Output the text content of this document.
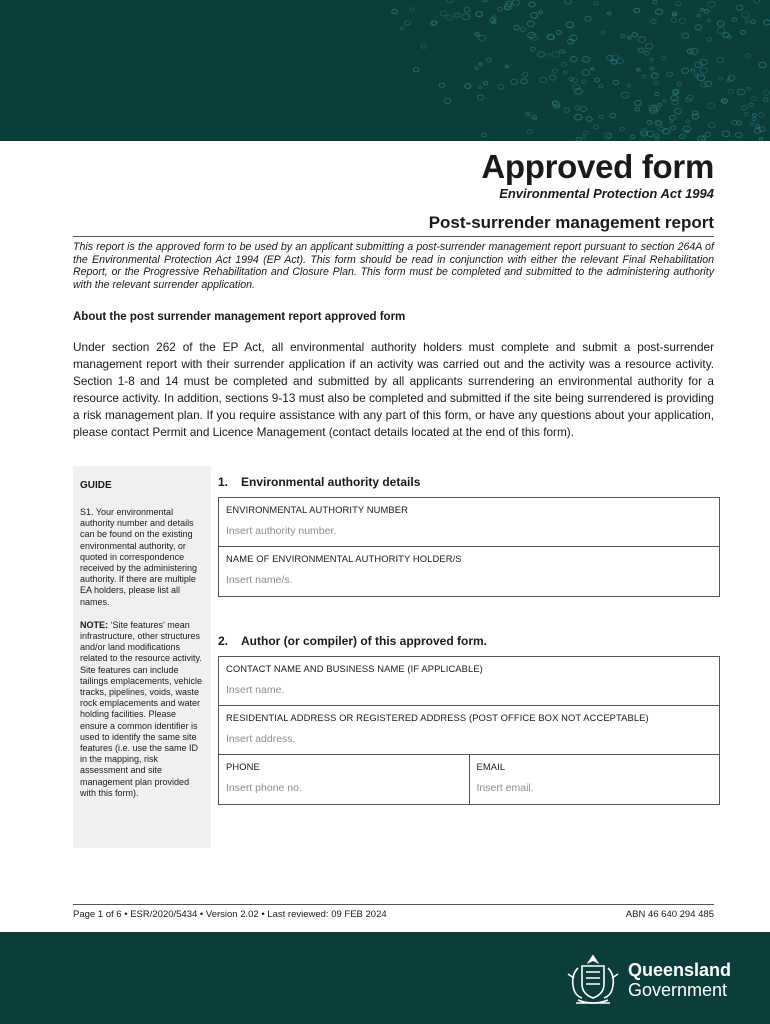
Approved form
Environmental Protection Act 1994
Post-surrender management report

This report is the approved form to be used by an applicant submitting a post-surrender management report pursuant to section 264A of the Environmental Protection Act 1994 (EP Act). This form should be read in conjunction with either the relevant Final Rehabilitation Report, or the Progressive Rehabilitation and Closure Plan. This form must be completed and submitted to the administering authority with the relevant surrender application.

About the post surrender management report approved form

Under section 262 of the EP Act, all environmental authority holders must complete and submit a post-surrender management report with their surrender application if an activity was carried out and the activity was a resource activity. Section 1-8 and 14 must be completed and submitted by all applicants surrendering an environmental authority for a resource activity. In addition, sections 9-13 must also be completed and submitted if the site being surrendered is providing a risk management plan. If you require assistance with any part of this form, or have any questions about your application, please contact Permit and Licence Management (contact details located at the end of this form).

GUIDE

S1. Your environmental authority number and details can be found on the existing environmental authority, or quoted in correspondence received by the administering authority. If there are multiple EA holders, please list all names.

NOTE: ‘Site features’ mean infrastructure, other structures and/or land modifications related to the resource activity. Site features can include tailings emplacements, vehicle tracks, pipelines, voids, waste rock emplacements and water holding facilities. Please ensure a common identifier is used to identify the same site features (i.e. use the same ID in the mapping, risk assessment and site management plan provided with this form).

1. Environmental authority details
ENVIRONMENTAL AUTHORITY NUMBER
Insert authority number.
NAME OF ENVIRONMENTAL AUTHORITY HOLDER/S
Insert name/s.
2. Author (or compiler) of this approved form.
CONTACT NAME AND BUSINESS NAME (IF APPLICABLE)
Insert name.
RESIDENTIAL ADDRESS OR REGISTERED ADDRESS (POST OFFICE BOX NOT ACCEPTABLE)
Insert address.
PHONE
Insert phone no.	EMAIL
Insert email.
Page 1 of 6 • ESR/2020/5434 • Version 2.02 • Last reviewed: 09 FEB 2024	ABN 46 640 294 485
Queensland
Government
